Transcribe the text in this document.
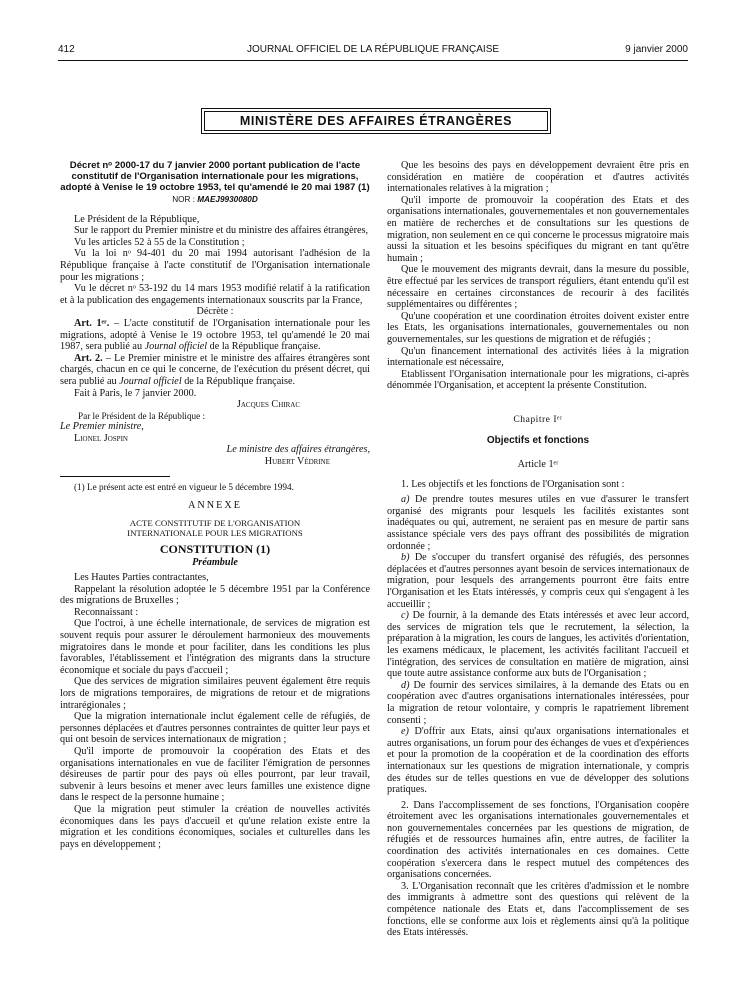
412	JOURNAL OFFICIEL DE LA RÉPUBLIQUE FRANÇAISE	9 janvier 2000
MINISTÈRE DES AFFAIRES ÉTRANGÈRES

Décret nᵒ 2000-17 du 7 janvier 2000 portant publication de l'acte constitutif de l'Organisation internationale pour les migrations, adopté à Venise le 19 octobre 1953, tel qu'amendé le 20 mai 1987 (1)

NOR : MAEJ9930080D

Le Président de la République,

Sur le rapport du Premier ministre et du ministre des affaires étrangères,

Vu les articles 52 à 55 de la Constitution ;

Vu la loi nᵒ 94-401 du 20 mai 1994 autorisant l'adhésion de la République française à l'acte constitutif de l'Organisation internationale pour les migrations ;

Vu le décret nᵒ 53-192 du 14 mars 1953 modifié relatif à la ratification et à la publication des engagements internationaux souscrits par la France,

Décrète :

Art. 1ᵉʳ. – L'acte constitutif de l'Organisation internationale pour les migrations, adopté à Venise le 19 octobre 1953, tel qu'amendé le 20 mai 1987, sera publié au Journal officiel de la République française.

Art. 2. – Le Premier ministre et le ministre des affaires étrangères sont chargés, chacun en ce qui le concerne, de l'exécution du présent décret, qui sera publié au Journal officiel de la République française.

Fait à Paris, le 7 janvier 2000.

Jacques Chirac

Par le Président de la République :

Le Premier ministre,

Lionel Jospin

Le ministre des affaires étrangères,

Hubert Védrine

(1) Le présent acte est entré en vigueur le 5 décembre 1994.

ANNEXE

ACTE CONSTITUTIF DE L'ORGANISATION

INTERNATIONALE POUR LES MIGRATIONS

CONSTITUTION (1)

Préambule

Les Hautes Parties contractantes,

Rappelant la résolution adoptée le 5 décembre 1951 par la Conférence des migrations de Bruxelles ;

Reconnaissant :

Que l'octroi, à une échelle internationale, de services de migration est souvent requis pour assurer le déroulement harmonieux des mouvements migratoires dans le monde et pour faciliter, dans les conditions les plus favorables, l'établissement et l'intégration des migrants dans la structure économique et sociale du pays d'accueil ;

Que des services de migration similaires peuvent également être requis lors de migrations temporaires, de migrations de retour et de migrations intrarégionales ;

Que la migration internationale inclut également celle de réfugiés, de personnes déplacées et d'autres personnes contraintes de quitter leur pays et qui ont besoin de services internationaux de migration ;

Qu'il importe de promouvoir la coopération des Etats et des organisations internationales en vue de faciliter l'émigration de personnes désireuses de partir pour des pays où elles pourront, par leur travail, subvenir à leurs besoins et mener avec leurs familles une existence digne dans le respect de la personne humaine ;

Que la migration peut stimuler la création de nouvelles activités économiques dans les pays d'accueil et qu'une relation existe entre la migration et les conditions économiques, sociales et culturelles dans les pays en développement ;

Que les besoins des pays en développement devraient être pris en considération en matière de coopération et d'autres activités internationales relatives à la migration ;

Qu'il importe de promouvoir la coopération des Etats et des organisations internationales, gouvernementales et non gouvernementales en matière de recherches et de consultations sur les questions de migration, non seulement en ce qui concerne le processus migratoire mais aussi la situation et les besoins spécifiques du migrant en tant qu'être humain ;

Que le mouvement des migrants devrait, dans la mesure du possible, être effectué par les services de transport réguliers, étant entendu qu'il est nécessaire en certaines circonstances de recourir à des facilités supplémentaires ou différentes ;

Qu'une coopération et une coordination étroites doivent exister entre les Etats, les organisations internationales, gouvernementales ou non gouvernementales, sur les questions de migration et de réfugiés ;

Qu'un financement international des activités liées à la migration internationale est nécessaire,

Etablissent l'Organisation internationale pour les migrations, ci-après dénommée l'Organisation, et acceptent la présente Constitution.

Chapitre Iᵉʳ

Objectifs et fonctions

Article 1ᵉʳ

1. Les objectifs et les fonctions de l'Organisation sont :

a) De prendre toutes mesures utiles en vue d'assurer le transfert organisé des migrants pour lesquels les facilités existantes sont inadéquates ou qui, autrement, ne seraient pas en mesure de partir sans assistance spéciale vers des pays offrant des possibilités de migration ordonnée ;

b) De s'occuper du transfert organisé des réfugiés, des personnes déplacées et d'autres personnes ayant besoin de services internationaux de migration, pour lesquels des arrangements pourront être faits entre l'Organisation et les Etats intéressés, y compris ceux qui s'engagent à les accueillir ;

c) De fournir, à la demande des Etats intéressés et avec leur accord, des services de migration tels que le recrutement, la sélection, la préparation à la migration, les cours de langues, les activités d'orientation, les examens médicaux, le placement, les activités facilitant l'accueil et l'intégration, des services de consultation en matière de migration, ainsi que toute autre assistance conforme aux buts de l'Organisation ;

d) De fournir des services similaires, à la demande des Etats ou en coopération avec d'autres organisations internationales intéressées, pour la migration de retour volontaire, y compris le rapatriement librement consenti ;

e) D'offrir aux Etats, ainsi qu'aux organisations internationales et autres organisations, un forum pour des échanges de vues et d'expériences et pour la promotion de la coopération et de la coordination des efforts internationaux sur les questions de migration internationale, y compris des études sur de telles questions en vue de développer des solutions pratiques.

2. Dans l'accomplissement de ses fonctions, l'Organisation coopère étroitement avec les organisations internationales gouvernementales et non gouvernementales concernées par les questions de migration, de réfugiés et de ressources humaines afin, entre autres, de faciliter la coordination des activités internationales en ces domaines. Cette coopération s'exercera dans le respect mutuel des compétences des organisations concernées.

3. L'Organisation reconnaît que les critères d'admission et le nombre des immigrants à admettre sont des questions qui relèvent de la compétence nationale des Etats et, dans l'accomplissement de ses fonctions, elle se conforme aux lois et règlements ainsi qu'à la politique des Etats intéressés.
